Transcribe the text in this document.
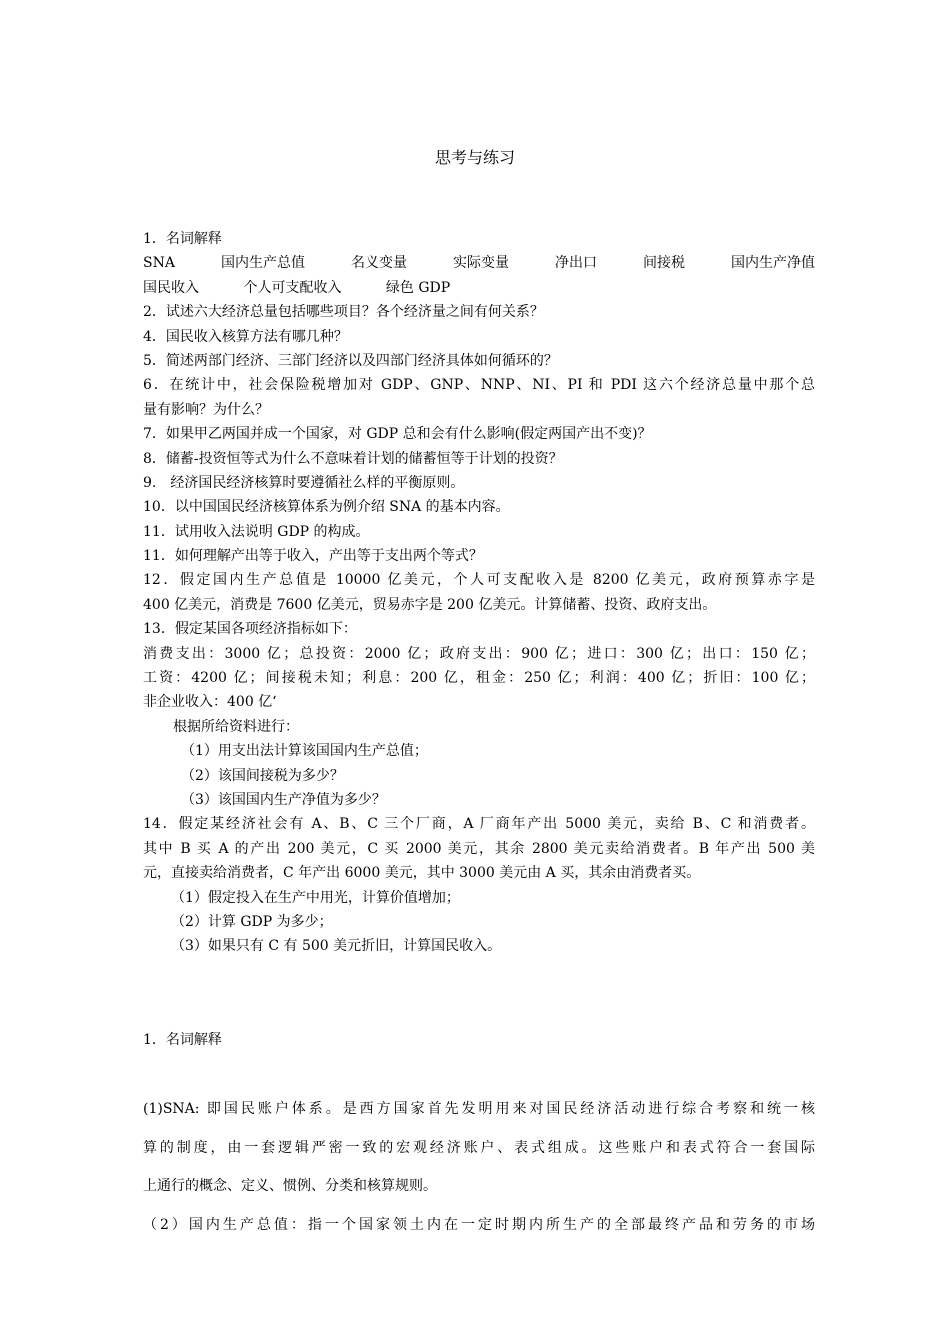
思考与练习
1．名词解释
SNA	国内生产总值	名义变量	实际变量	净出口	间接税	国内生产净值
国民收入	个人可支配收入	绿色 GDP
2．试述六大经济总量包括哪些项目？各个经济量之间有何关系？
4．国民收入核算方法有哪几种？
5．简述两部门经济、三部门经济以及四部门经济具体如何循环的？
6．在统计中，社会保险税增加对 GDP、GNP、NNP、NI、PI 和 PDI 这六个经济总量中那个总
量有影响？为什么？
7．如果甲乙两国并成一个国家，对 GDP 总和会有什么影响(假定两国产出不变)？
8．储蓄-投资恒等式为什么不意味着计划的储蓄恒等于计划的投资？
9.　经济国民经济核算时要遵循社么样的平衡原则。
10．以中国国民经济核算体系为例介绍 SNA 的基本内容。
11．试用收入法说明 GDP 的构成。
11．如何理解产出等于收入，产出等于支出两个等式？
12．假定国内生产总值是 10000 亿美元，个人可支配收入是 8200 亿美元，政府预算赤字是
400 亿美元，消费是 7600 亿美元，贸易赤字是 200 亿美元。计算储蓄、投资、政府支出。
13．假定某国各项经济指标如下：
消费支出：3000 亿；总投资：2000 亿；政府支出：900 亿；进口：300 亿；出口：150 亿；
工资：4200 亿；间接税未知；利息：200 亿，租金：250 亿；利润：400 亿；折旧：100 亿；
非企业收入：400 亿‘
根据所给资料进行：
（1）用支出法计算该国国内生产总值；
（2）该国间接税为多少？
（3）该国国内生产净值为多少？
14．假定某经济社会有 A、B、C 三个厂商，A 厂商年产出 5000 美元，卖给 B、C 和消费者。
其中 B 买 A 的产出 200 美元，C 买 2000 美元，其余 2800 美元卖给消费者。B 年产出 500 美
元，直接卖给消费者，C 年产出 6000 美元，其中 3000 美元由 A 买，其余由消费者买。
（1）假定投入在生产中用光，计算价值增加；
（2）计算 GDP 为多少；
（3）如果只有 C 有 500 美元折旧，计算国民收入。
1．名词解释
(1)SNA: 即国民账户体系。是西方国家首先发明用来对国民经济活动进行综合考察和统一核
算的制度，由一套逻辑严密一致的宏观经济账户、表式组成。这些账户和表式符合一套国际
上通行的概念、定义、惯例、分类和核算规则。
（2）国内生产总值：指一个国家领土内在一定时期内所生产的全部最终产品和劳务的市场
